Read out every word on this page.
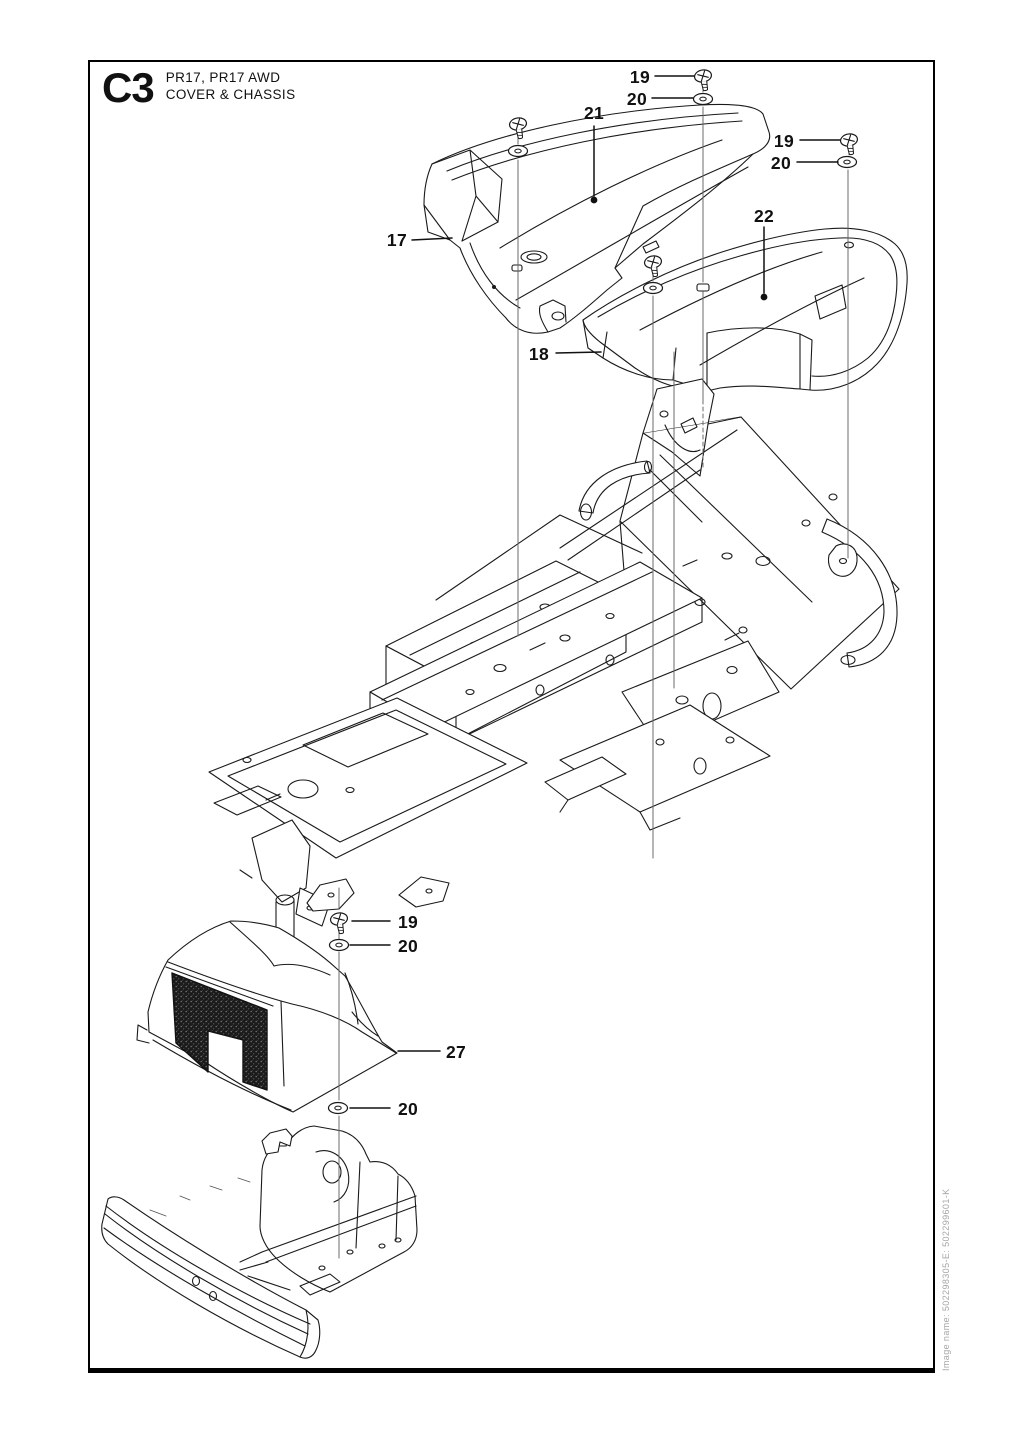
C3 PR17, PR17 AWD
COVER & CHASSIS
19
20
21
19
20
22
17
18
19
20
27
20
Image name: 502298305-E: 502299601-K
